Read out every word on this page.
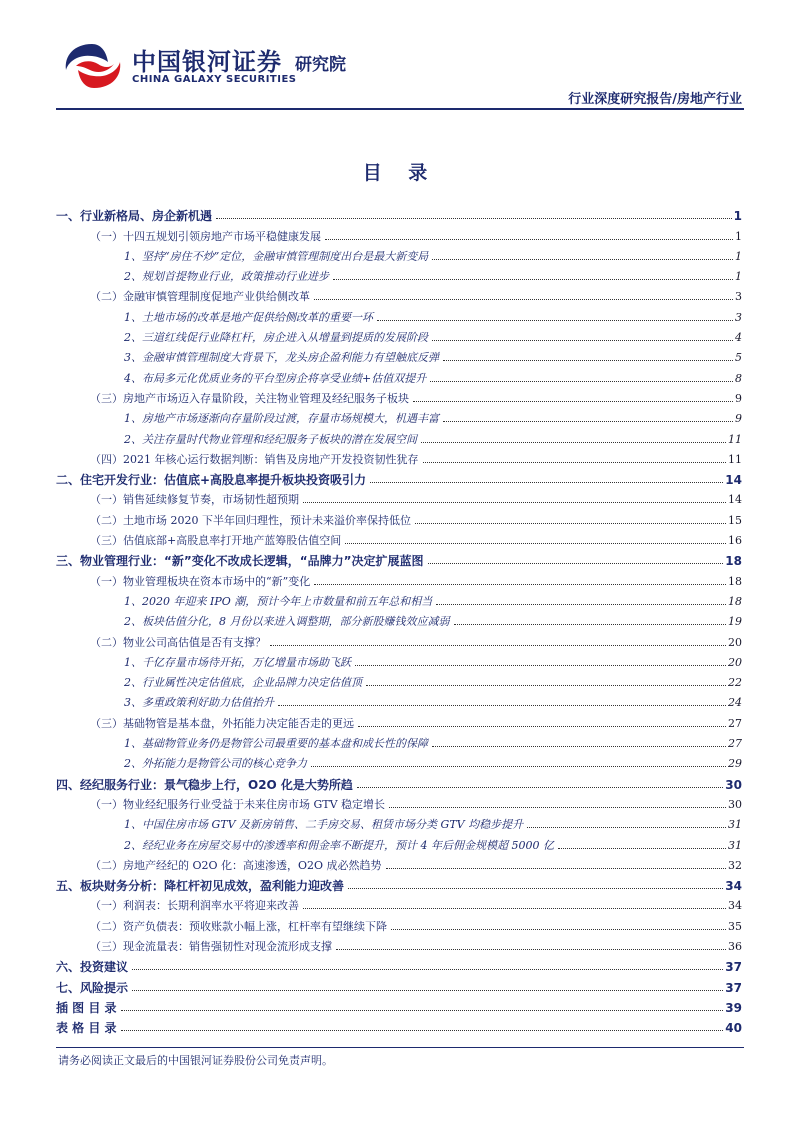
中国银河证券
CHINA GALAXY SECURITIES
研究院
行业深度研究报告/房地产行业
目 录
一、行业新格局、房企新机遇	1
（一）十四五规划引领房地产市场平稳健康发展	1
1、坚持“房住不炒”定位，金融审慎管理制度出台是最大新变局	1
2、规划首提物业行业，政策推动行业进步	1
（二）金融审慎管理制度促地产业供给侧改革	3
1、土地市场的改革是地产促供给侧改革的重要一环	3
2、三道红线促行业降杠杆，房企进入从增量到提质的发展阶段	4
3、金融审慎管理制度大背景下，龙头房企盈利能力有望触底反弹	5
4、布局多元化优质业务的平台型房企将享受业绩+估值双提升	8
（三）房地产市场迈入存量阶段，关注物业管理及经纪服务子板块	9
1、房地产市场逐渐向存量阶段过渡，存量市场规模大，机遇丰富	9
2、关注存量时代物业管理和经纪服务子板块的潜在发展空间	11
（四）2021 年核心运行数据判断：销售及房地产开发投资韧性犹存	11
二、住宅开发行业：估值底+高股息率提升板块投资吸引力	14
（一）销售延续修复节奏，市场韧性超预期	14
（二）土地市场 2020 下半年回归理性，预计未来溢价率保持低位	15
（三）估值底部+高股息率打开地产蓝筹股估值空间	16
三、物业管理行业：“新”变化不改成长逻辑，“品牌力”决定扩展蓝图	18
（一）物业管理板块在资本市场中的“新”变化	18
1、2020 年迎来 IPO 潮，预计今年上市数量和前五年总和相当	18
2、板块估值分化，8 月份以来进入调整期，部分新股赚钱效应减弱	19
（二）物业公司高估值是否有支撑？	20
1、千亿存量市场待开拓，万亿增量市场助飞跃	20
2、行业属性决定估值底，企业品牌力决定估值顶	22
3、多重政策利好助力估值抬升	24
（三）基础物管是基本盘，外拓能力决定能否走的更远	27
1、基础物管业务仍是物管公司最重要的基本盘和成长性的保障	27
2、外拓能力是物管公司的核心竞争力	29
四、经纪服务行业：景气稳步上行，O2O 化是大势所趋	30
（一）物业经纪服务行业受益于未来住房市场 GTV 稳定增长	30
1、中国住房市场 GTV 及新房销售、二手房交易、租赁市场分类 GTV 均稳步提升	31
2、经纪业务在房屋交易中的渗透率和佣金率不断提升，预计 4 年后佣金规模超 5000 亿	31
（二）房地产经纪的 O2O 化：高速渗透，O2O 成必然趋势	32
五、板块财务分析：降杠杆初见成效，盈利能力迎改善	34
（一）利润表：长期利润率水平将迎来改善	34
（二）资产负债表：预收账款小幅上涨，杠杆率有望继续下降	35
（三）现金流量表：销售强韧性对现金流形成支撑	36
六、投资建议	37
七、风险提示	37
插 图 目 录	39
表 格 目 录	40
请务必阅读正文最后的中国银河证券股份公司免责声明。
